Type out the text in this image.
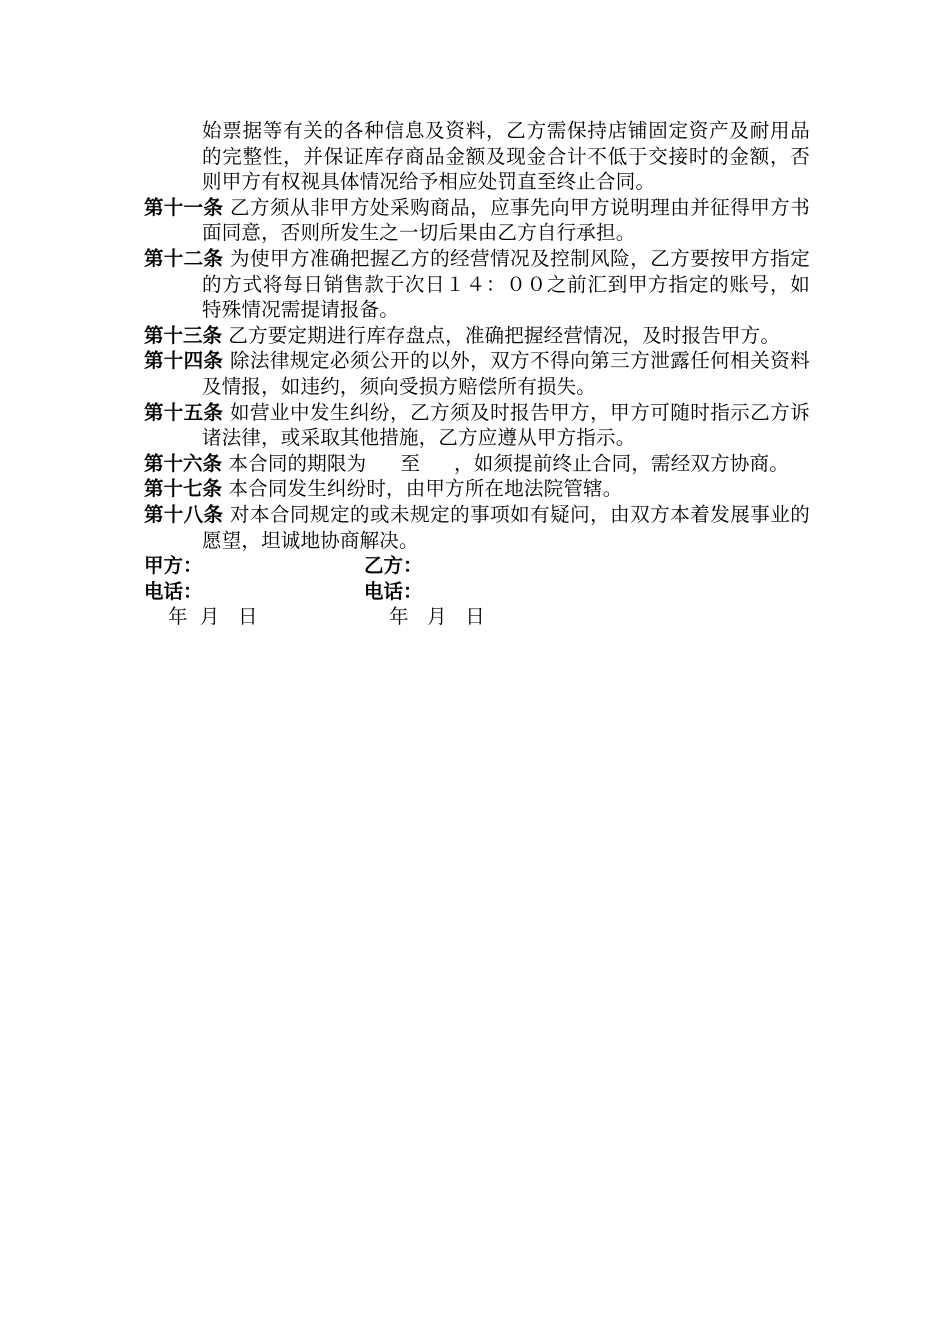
始票据等有关的各种信息及资料，乙方需保持店铺固定资产及耐用品的完整性，并保证库存商品金额及现金合计不低于交接时的金额，否则甲方有权视具体情况给予相应处罚直至终止合同。

第十一条 乙方须从非甲方处采购商品，应事先向甲方说明理由并征得甲方书面同意，否则所发生之一切后果由乙方自行承担。

第十二条 为使甲方准确把握乙方的经营情况及控制风险，乙方要按甲方指定的方式将每日销售款于次日１４：００之前汇到甲方指定的账号，如特殊情况需提请报备。

第十三条 乙方要定期进行库存盘点，准确把握经营情况，及时报告甲方。

第十四条 除法律规定必须公开的以外，双方不得向第三方泄露任何相关资料及情报，如违约，须向受损方赔偿所有损失。

第十五条 如营业中发生纠纷，乙方须及时报告甲方，甲方可随时指示乙方诉诸法律，或采取其他措施，乙方应遵从甲方指示。

第十六条 本合同的期限为 至 ，如须提前终止合同，需经双方协商。

第十七条 本合同发生纠纷时，由甲方所在地法院管辖。

第十八条 对本合同规定的或未规定的事项如有疑问，由双方本着发展事业的愿望，坦诚地协商解决。

甲方：	乙方：
电话：	电话：
年  月   日	年   月   日
